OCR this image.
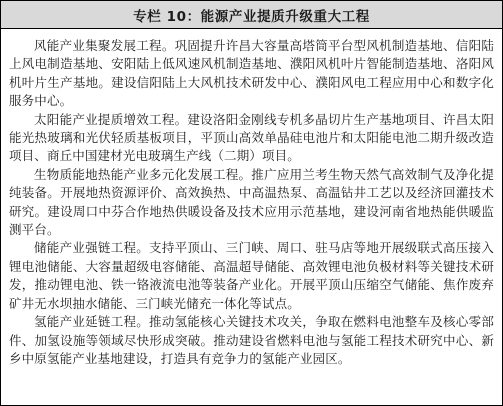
专栏 10：能源产业提质升级重大工程

风能产业集聚发展工程。巩固提升许昌大容量高塔筒平台型风机制造基地、信阳陆上风电制造基地、安阳陆上低风速风机制造基地、濮阳风机叶片智能制造基地、洛阳风机叶片生产基地。建设信阳陆上大风机技术研发中心、濮阳风电工程应用中心和数字化服务中心。

太阳能产业提质增效工程。建设洛阳金刚线专机多晶切片生产基地项目、许昌太阳能光热玻璃和光伏轻质基板项目，平顶山高效单晶硅电池片和太阳能电池二期升级改造项目、商丘中国建材光电玻璃生产线（二期）项目。

生物质能地热能产业多元化发展工程。推广应用兰考生物天然气高效制气及净化提纯装备。开展地热资源评价、高效换热、中高温热泵、高温钻井工艺以及经济回灌技术研究。建设周口中芬合作地热供暖设备及技术应用示范基地，建设河南省地热能供暖监测平台。

储能产业强链工程。支持平顶山、三门峡、周口、驻马店等地开展级联式高压接入锂电池储能、大容量超级电容储能、高温超导储能、高效锂电池负极材料等关键技术研发，推动锂电池、铁一铬液流电池等装备产业化。开展平顶山压缩空气储能、焦作废弃矿井无水坝抽水储能、三门峡光储充一体化等试点。

氢能产业延链工程。推动氢能核心关键技术攻关，争取在燃料电池整车及核心零部件、加氢设施等领域尽快形成突破。推动建设省燃料电池与氢能工程技术研究中心、新乡中原氢能产业基地建设，打造具有竞争力的氢能产业园区。
